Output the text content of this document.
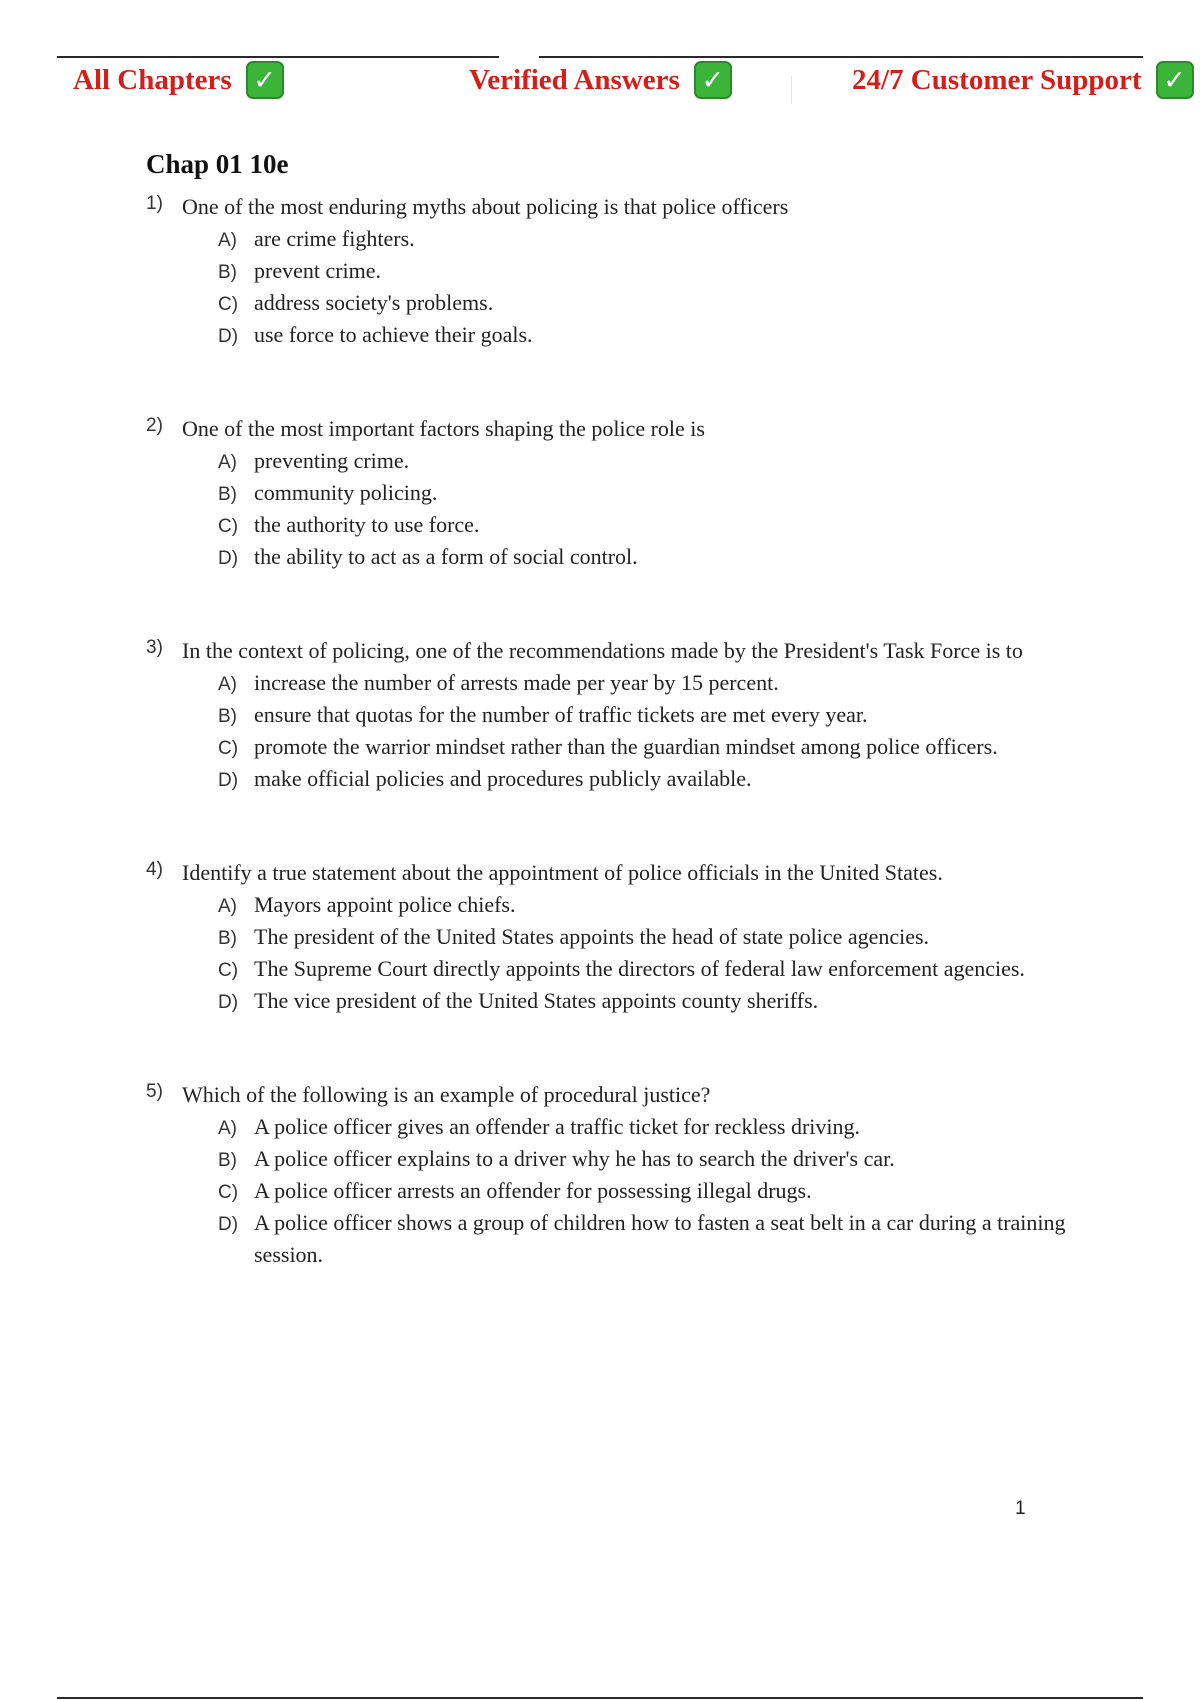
All Chapters ✓	Verified Answers ✓	24/7 Customer Support ✓
Chap 01 10e
1) One of the most enduring myths about policing is that police officers
A) are crime fighters.
B) prevent crime.
C) address society's problems.
D) use force to achieve their goals.
2) One of the most important factors shaping the police role is
A) preventing crime.
B) community policing.
C) the authority to use force.
D) the ability to act as a form of social control.
3) In the context of policing, one of the recommendations made by the President's Task Force is to
A) increase the number of arrests made per year by 15 percent.
B) ensure that quotas for the number of traffic tickets are met every year.
C) promote the warrior mindset rather than the guardian mindset among police officers.
D) make official policies and procedures publicly available.
4) Identify a true statement about the appointment of police officials in the United States.
A) Mayors appoint police chiefs.
B) The president of the United States appoints the head of state police agencies.
C) The Supreme Court directly appoints the directors of federal law enforcement agencies.
D) The vice president of the United States appoints county sheriffs.
5) Which of the following is an example of procedural justice?
A) A police officer gives an offender a traffic ticket for reckless driving.
B) A police officer explains to a driver why he has to search the driver's car.
C) A police officer arrests an offender for possessing illegal drugs.
D) A police officer shows a group of children how to fasten a seat belt in a car during a training session.
1
